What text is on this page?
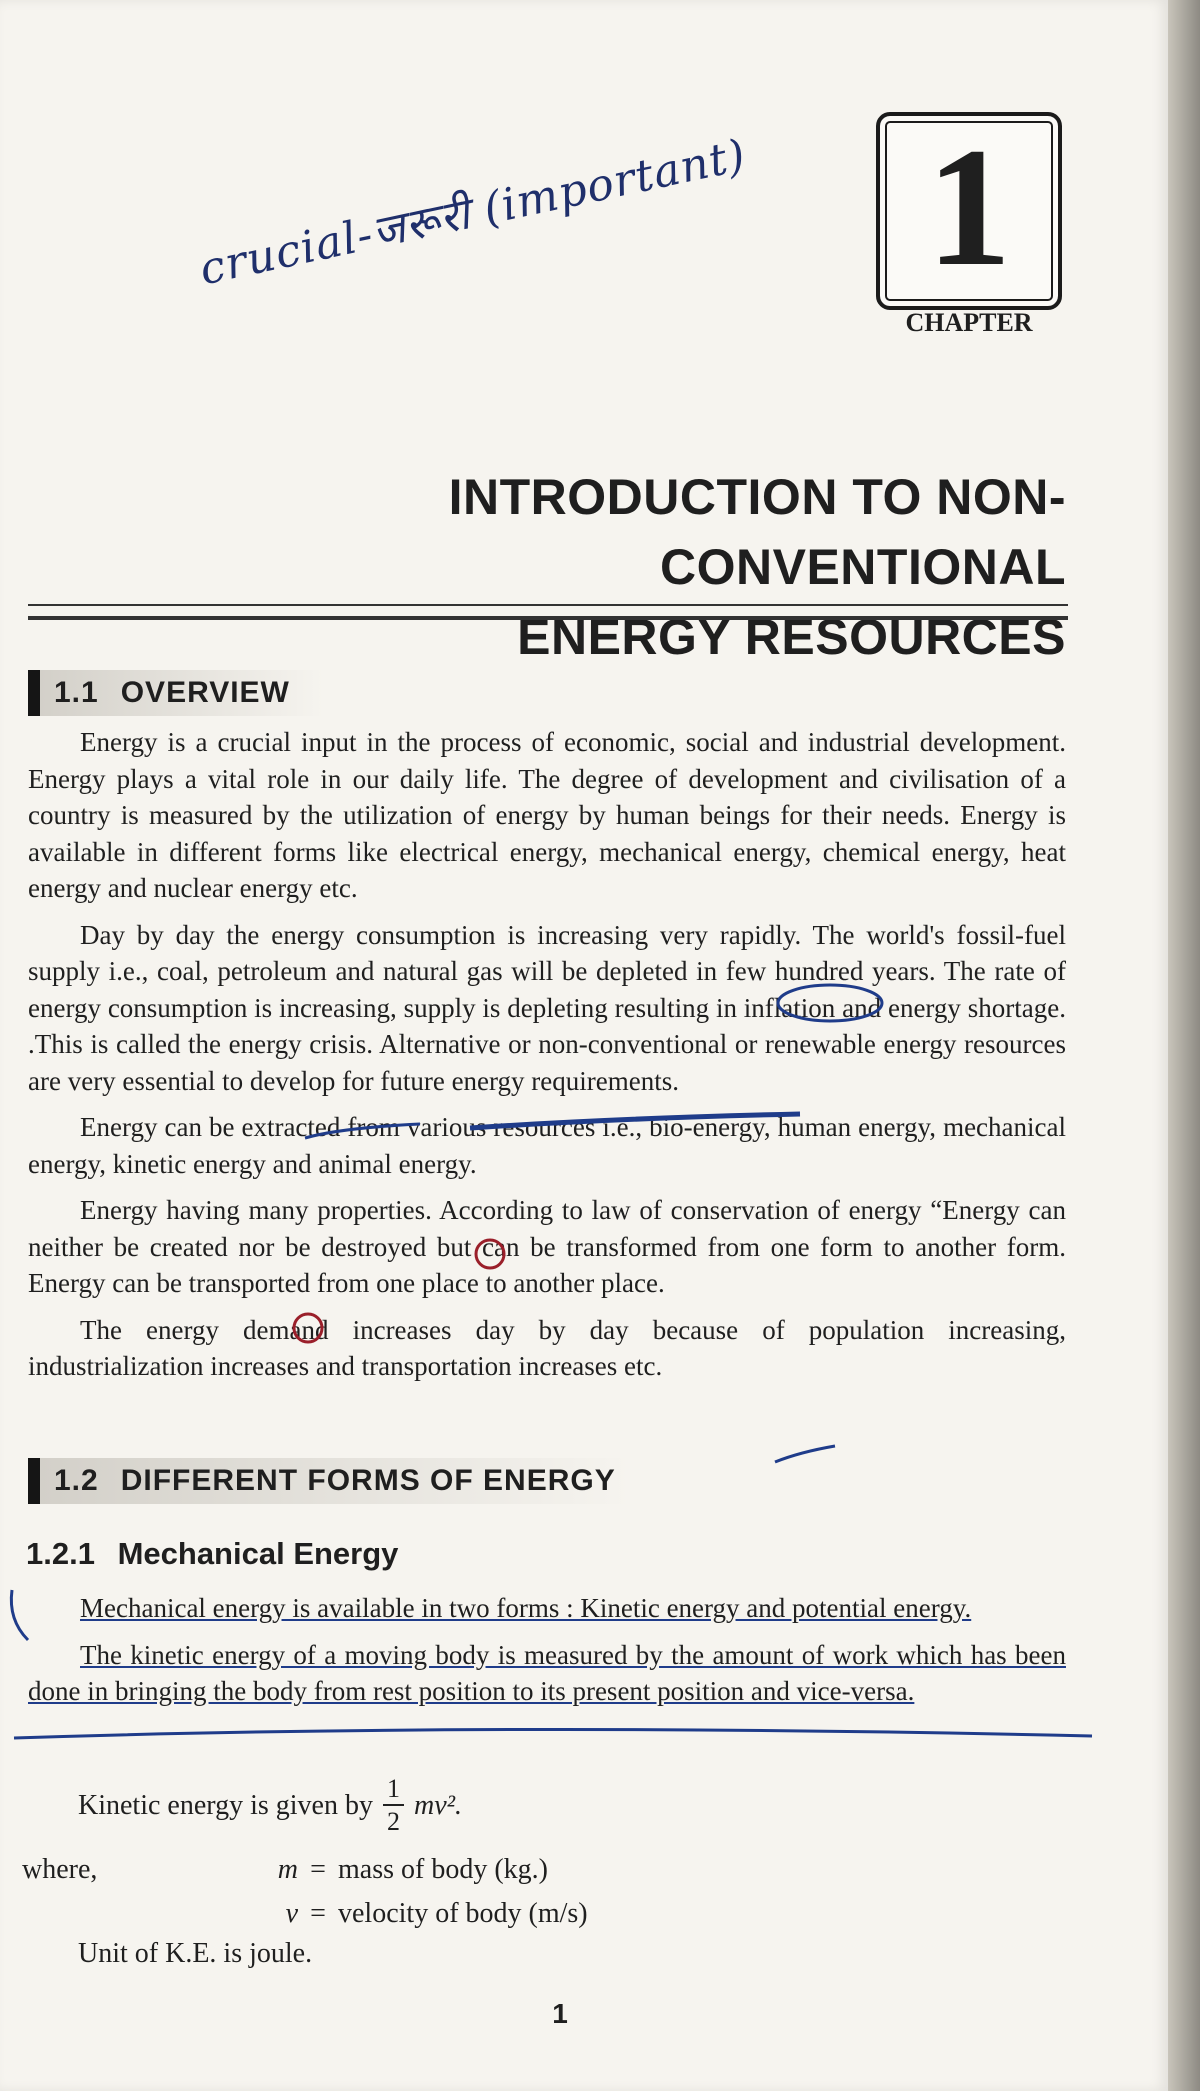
crucial-जरूरी (important) 1
CHAPTER
INTRODUCTION TO NON-CONVENTIONAL
ENERGY RESOURCES
1.1 OVERVIEW

Energy is a crucial input in the process of economic, social and industrial development. Energy plays a vital role in our daily life. The degree of development and civilisation of a country is measured by the utilization of energy by human beings for their needs. Energy is available in different forms like electrical energy, mechanical energy, chemical energy, heat energy and nuclear energy etc.

Day by day the energy consumption is increasing very rapidly. The world's fossil-fuel supply i.e., coal, petroleum and natural gas will be depleted in few hundred years. The rate of energy consumption is increasing, supply is depleting resulting in inflation and energy shortage. .This is called the energy crisis. Alternative or non-conventional or renewable energy resources are very essential to develop for future energy requirements.

Energy can be extracted from various resources i.e., bio-energy, human energy, mechanical energy, kinetic energy and animal energy.

Energy having many properties. According to law of conservation of energy “Energy can neither be created nor be destroyed but can be transformed from one form to another form. Energy can be transported from one place to another place.

The energy demand increases day by day because of population increasing, industrialization increases and transportation increases etc.

1.2 DIFFERENT FORMS OF ENERGY
1.2.1 Mechanical Energy

Mechanical energy is available in two forms : Kinetic energy and potential energy.

The kinetic energy of a moving body is measured by the amount of work which has been done in bringing the body from rest position to its present position and vice-versa.

Kinetic energy is given by $\frac{1}{2} mv^2$.
where,	m = mass of body (kg.)
v = velocity of body (m/s)
Unit of K.E. is joule.
1
